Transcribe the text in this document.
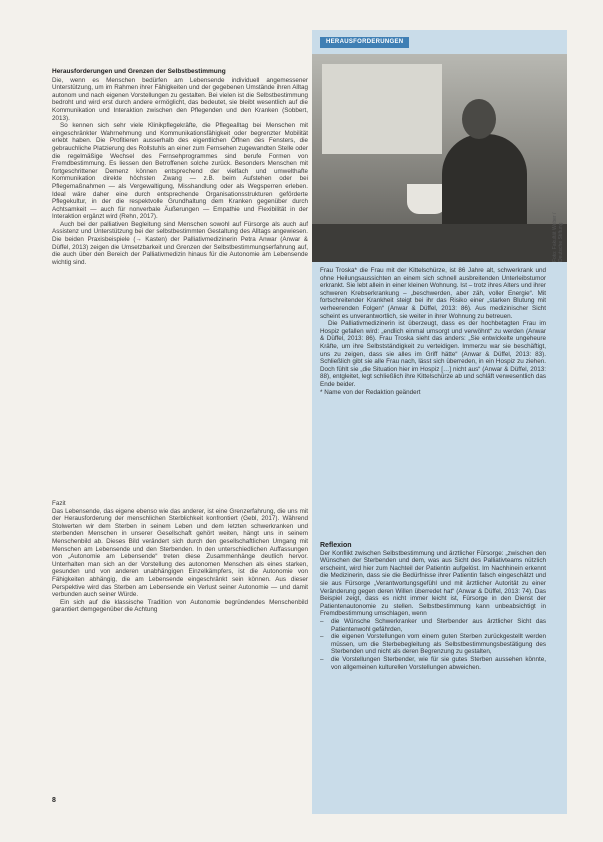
Herausforderungen und Grenzen der Selbstbestimmung

Die, wenn es Menschen bedürfen am Lebensende individuell angemessener Unterstützung, um im Rahmen ihrer Fähigkeiten und der gegebenen Umstände ihren Alltag autonom und nach eigenen Vorstellungen zu gestalten. Bei vielen ist die Selbstbestimmung bedroht und wird erst durch andere ermöglicht, das bedeutet, sie bleibt wesentlich auf die Kommunikation und Interaktion zwischen den Pflegenden und den Kranken (Sobbert, 2013).

So kennen sich sehr viele Klinikpflegekräfte, die Pflegealltag bei Menschen mit eingeschränkter Wahrnehmung und Kommunikationsfähigkeit oder begrenzter Mobilität erlebt haben. Die Profitieren ausserhalb des eigentlichen Öffnen des Fensters, die gebrauchliche Platzierung des Rollstuhls an einer zum Fernsehen zugewandten Stelle oder die regelmäßige Wechsel des Fernsehprogrammes sind berufe Formen von Fremdbestimmung. Es liessen den Betroffenen solche zurück. Besonders Menschen mit fortgeschrittener Demenz können entsprechend der vielfach und umwelthafte Kommunikation direkte höchsten Zwang — z.B. beim Aufstehen oder bei Pflegemaßnahmen — als Vergewaltigung, Misshandlung oder als Wegsperren erleben. Ideal wäre daher eine durch entsprechende Organisationsstrukturen geförderte Pflegekultur, in der die respektvolle Grundhaltung dem Kranken gegenüber durch Achtsamkeit — auch für nonverbale Äußerungen — Empathie und Flexibilität in der Interaktion ergänzt wird (Rehn, 2017).

Auch bei der palliativen Begleitung sind Menschen sowohl auf Fürsorge als auch auf Assistenz und Unterstützung bei der selbstbestimmten Gestaltung des Alltags angewiesen. Die beiden Praxisbeispiele (→ Kasten) der Palliativmedizinerin Petra Anwar (Anwar & Düffel, 2013) zeigen die Umsetzbarkeit und Grenzen der Selbstbestimmungserfahrung auf, die auch über den Bereich der Palliativmedizin hinaus für die Autonomie am Lebensende wichtig sind.

Fazit

Das Lebensende, das eigene ebenso wie das anderer, ist eine Grenzerfahrung, die uns mit der Herausforderung der menschlichen Sterblichkeit konfrontiert (Gebl, 2017). Während Stolwerten wir dem Sterben in seinem Leben und dem letzten schwerkranken und sterbenden Menschen in unserer Gesellschaft gehört weiten, hängt uns in seinem Menschenbild ab. Dieses Bild verändert sich durch den gesellschaftlichen Umgang mit Menschen am Lebensende und den Sterbenden. In den unterschiedlichen Auffassungen von „Autonomie am Lebensende“ treten diese Zusammenhänge deutlich hervor. Unterhalten man sich an der Vorstellung des autonomen Menschen als eines starken, gesunden und von anderen unabhängigen Einzelkämpfers, ist die Autonomie von Fähigkeiten abhängig, die am Lebensende eingeschränkt sein können. Aus dieser Perspektive wird das Sterben am Lebensende ein Verlust seiner Autonomie — und damit verbunden auch seiner Würde.

Ein sich auf die klassische Tradition von Autonomie begründendes Menschenbild garantiert demgegenüber die Achtung

8
HERAUSFORDERUNGEN
Foto: Fakultät Weber / Deutsche Stiftung

Frau Troska* die Frau mit der Kittelschürze, ist 86 Jahre alt, schwerkrank und ohne Heilungsaussichten an einem sich schnell ausbreitenden Unterleibstumor erkrankt. Sie lebt allein in einer kleinen Wohnung. Ist – trotz ihres Alters und ihrer schweren Krebserkrankung – „beschwerden, aber zäh, voller Energie“. Mit fortschreitender Krankheit steigt bei ihr das Risiko einer „starken Blutung mit verheerenden Folgen“ (Anwar & Düffel, 2013: 86). Aus medizinischer Sicht scheint es unverantwortlich, sie weiter in ihrer Wohnung zu betreuen.

Die Palliativmedizinerin ist überzeugt, dass es der hochbetagten Frau im Hospiz gefallen wird: „endlich einmal umsorgt und verwöhnt“ zu werden (Anwar & Düffel, 2013: 86). Frau Troska sieht das anders: „Sie entwickelte ungeheure Kräfte, um ihre Selbstständigkeit zu verteidigen. Immerzu war sie beschäftigt, uns zu zeigen, dass sie alles im Griff hätte“ (Anwar & Düffel, 2013: 83). Schließlich gibt sie alle Frau nach, lässt sich überreden, in ein Hospiz zu ziehen. Doch fühlt sie „die Situation hier im Hospiz […] nicht aus“ (Anwar & Düffel, 2013: 88), entgleitet, legt schließlich ihre Kittelschürze ab und schläft verwesentlich das Ende beider.

* Name von der Redaktion geändert

Reflexion

Der Konflikt zwischen Selbstbestimmung und ärztlicher Fürsorge: „zwischen den Wünschen der Sterbenden und dem, was aus Sicht des Palliativteams nützlich erscheint, wird hier zum Nachteil der Patientin aufgelöst. Im Nachhinein erkennt die Medizinerin, dass sie die Bedürfnisse ihrer Patientin falsch eingeschätzt und sie aus Fürsorge „Verantwortungsgefühl und mit ärztlicher Autorität zu einer Veränderung gegen deren Willen überredet hat“ (Anwar & Düffel, 2013: 74). Das Beispiel zeigt, dass es nicht immer leicht ist, Fürsorge in den Dienst der Patientenautonomie zu stellen. Selbstbestimmung kann unbeabsichtigt in Fremdbestimmung umschlagen, wenn

– die Wünsche Schwerkranker und Sterbender aus ärztlicher Sicht das Patientenwohl gefährden,
– die eigenen Vorstellungen vom einem guten Sterben zurückgestellt werden müssen, um die Sterbebegleitung als Selbstbestimmungsbestätigung des Sterbenden und nicht als deren Begrenzung zu gestalten,
– die Vorstellungen Sterbender, wie für sie gutes Sterben aussehen könnte, von allgemeinen kulturellen Vorstellungen abweichen.
